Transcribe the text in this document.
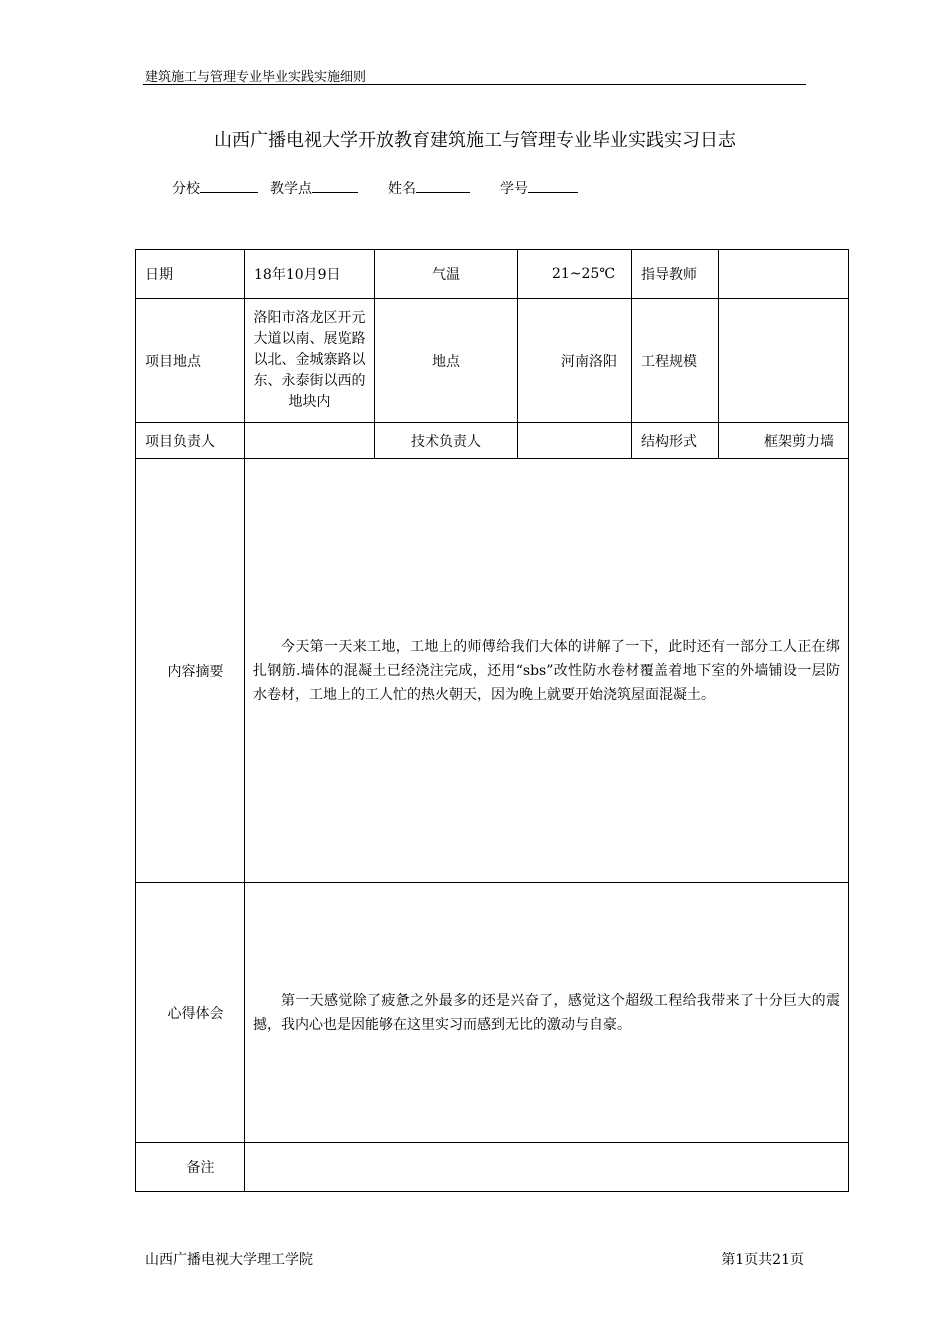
建筑施工与管理专业毕业实践实施细则
山西广播电视大学开放教育建筑施工与管理专业毕业实践实习日志
分校	教学点	姓名	学号
日期	18年10月9日	气温	21~25℃	指导教师	
项目地点	洛阳市洛龙区开元大道以南、展览路以北、金城寨路以东、永泰街以西的地块内	地点	河南洛阳	工程规模	
项目负责人		技术负责人		结构形式	框架剪力墙
内容摘要	今天第一天来工地，工地上的师傅给我们大体的讲解了一下，此时还有一部分工人正在绑扎钢筋.墙体的混凝土已经浇注完成，还用“sbs”改性防水卷材覆盖着地下室的外墙铺设一层防水卷材，工地上的工人忙的热火朝天，因为晚上就要开始浇筑屋面混凝土。				
心得体会	第一天感觉除了疲惫之外最多的还是兴奋了，感觉这个超级工程给我带来了十分巨大的震撼，我内心也是因能够在这里实习而感到无比的激动与自豪。				
备注					
山西广播电视大学理工学院	第1页共21页
